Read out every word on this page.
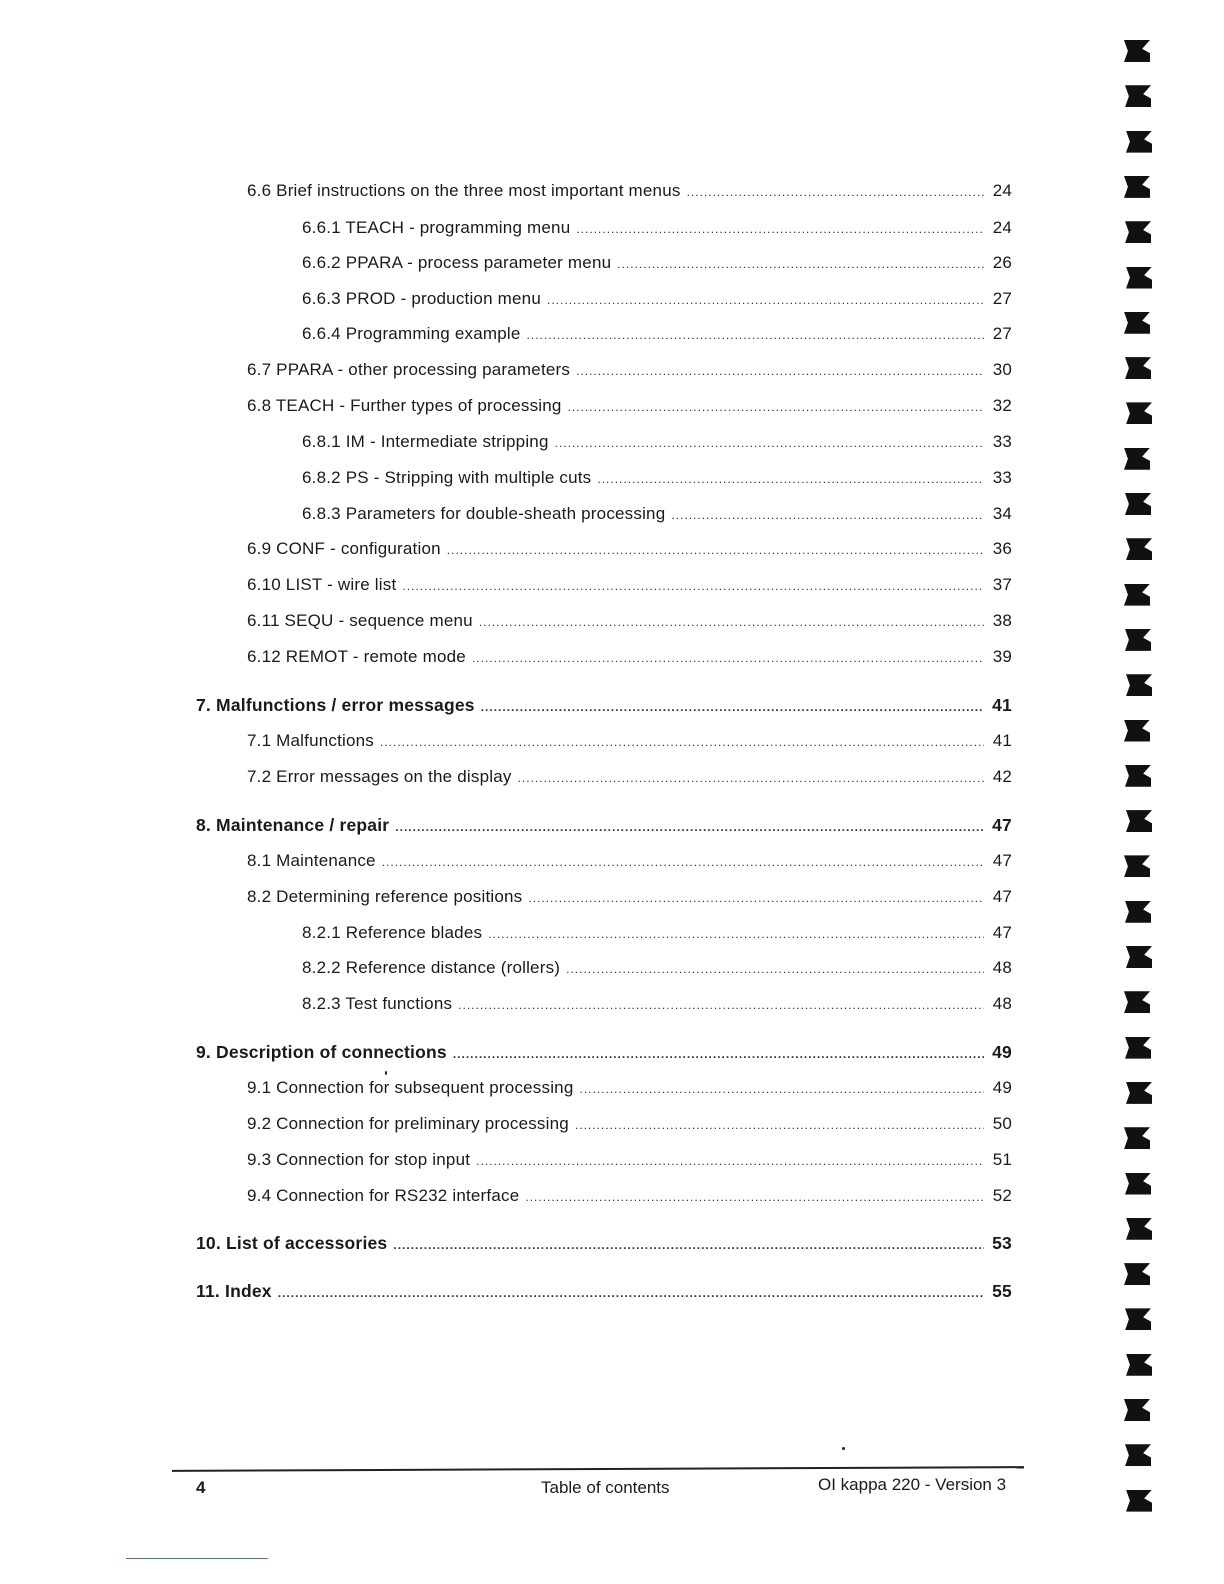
6.6 Brief instructions on the three most important menus .....	24
6.6.1 TEACH - programming menu .....	24
6.6.2 PPARA - process parameter menu .....	26
6.6.3 PROD - production menu .....	27
6.6.4 Programming example .....	27
6.7 PPARA - other processing parameters .....	30
6.8 TEACH - Further types of processing .....	32
6.8.1 IM - Intermediate stripping .....	33
6.8.2 PS - Stripping with multiple cuts .....	33
6.8.3 Parameters for double-sheath processing .....	34
6.9 CONF - configuration .....	36
6.10 LIST - wire list .....	37
6.11 SEQU - sequence menu .....	38
6.12 REMOT - remote mode .....	39
7. Malfunctions / error messages .....	41
7.1 Malfunctions .....	41
7.2 Error messages on the display .....	42
8. Maintenance / repair .....	47
8.1 Maintenance .....	47
8.2 Determining reference positions .....	47
8.2.1 Reference blades .....	47
8.2.2 Reference distance (rollers) .....	48
8.2.3 Test functions .....	48
9. Description of connections .....	49
9.1 Connection for subsequent processing .....	49
9.2 Connection for preliminary processing .....	50
9.3 Connection for stop input .....	51
9.4 Connection for RS232 interface .....	52
10. List of accessories .....	53
11. Index .....	55
4	Table of contents	OI kappa 220 - Version 3
